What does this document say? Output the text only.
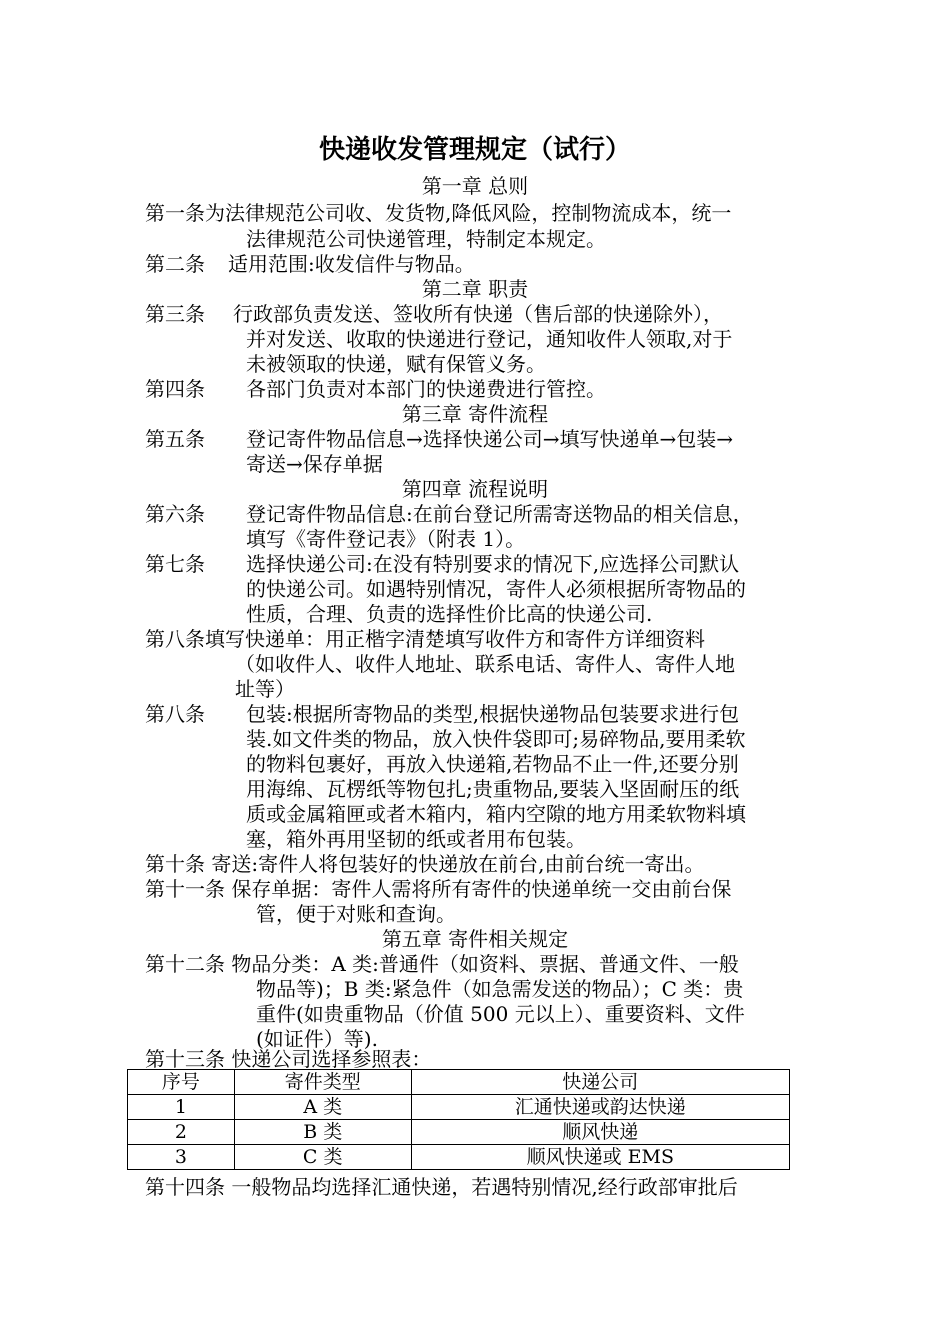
快递收发管理规定（试行）
第一章 总则
第一条为法律规范公司收、发货物,降低风险，控制物流成本，统一
法律规范公司快递管理，特制定本规定。
第二条 适用范围:收发信件与物品。
第二章 职责
第三条 行政部负责发送、签收所有快递（售后部的快递除外），
并对发送、收取的快递进行登记，通知收件人领取,对于
未被领取的快递，赋有保管义务。
第四条 各部门负责对本部门的快递费进行管控。
第三章 寄件流程
第五条 登记寄件物品信息→选择快递公司→填写快递单→包装→
寄送→保存单据
第四章 流程说明
第六条 登记寄件物品信息:在前台登记所需寄送物品的相关信息，
填写《寄件登记表》（附表 1）。
第七条 选择快递公司:在没有特别要求的情况下,应选择公司默认
的快递公司。如遇特别情况，寄件人必须根据所寄物品的
性质，合理、负责的选择性价比高的快递公司.
第八条填写快递单：用正楷字清楚填写收件方和寄件方详细资料
（如收件人、收件人地址、联系电话、寄件人、寄件人地
址等）
第八条 包装:根据所寄物品的类型,根据快递物品包装要求进行包
装.如文件类的物品，放入快件袋即可;易碎物品,要用柔软
的物料包裹好，再放入快递箱,若物品不止一件,还要分别
用海绵、瓦楞纸等物包扎;贵重物品,要装入坚固耐压的纸
质或金属箱匣或者木箱内，箱内空隙的地方用柔软物料填
塞，箱外再用坚韧的纸或者用布包装。
第十条 寄送:寄件人将包装好的快递放在前台,由前台统一寄出。
第十一条 保存单据：寄件人需将所有寄件的快递单统一交由前台保
管，便于对账和查询。
第五章 寄件相关规定
第十二条 物品分类：A 类:普通件（如资料、票据、普通文件、一般
物品等)；B 类:紧急件（如急需发送的物品）；C 类：贵
重件(如贵重物品（价值 500 元以上）、重要资料、文件
(如证件）等).
第十三条 快递公司选择参照表：
序号	寄件类型	快递公司
1	A 类	汇通快递或韵达快递
2	B 类	顺风快递
3	C 类	顺风快递或 EMS
第十四条 一般物品均选择汇通快递，若遇特别情况,经行政部审批后
